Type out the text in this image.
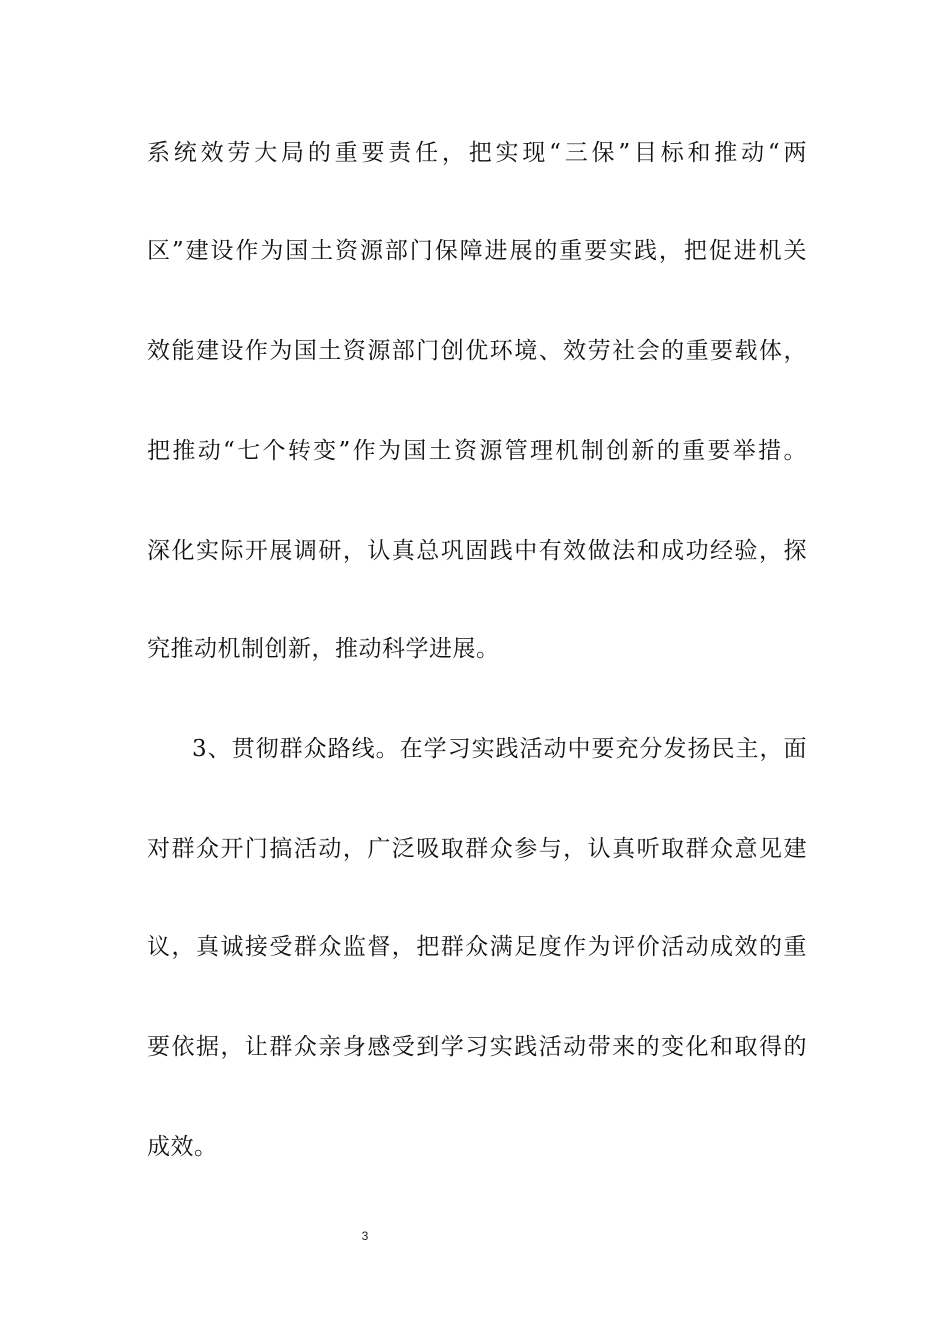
系统效劳大局的重要责任，把实现“三保”目标和推动“两
区”建设作为国土资源部门保障进展的重要实践，把促进机关
效能建设作为国土资源部门创优环境、效劳社会的重要载体，
把推动“七个转变”作为国土资源管理机制创新的重要举措。
深化实际开展调研，认真总巩固践中有效做法和成功经验，探
究推动机制创新，推动科学进展。
3、贯彻群众路线。在学习实践活动中要充分发扬民主，面
对群众开门搞活动，广泛吸取群众参与，认真听取群众意见建
议，真诚接受群众监督，把群众满足度作为评价活动成效的重
要依据，让群众亲身感受到学习实践活动带来的变化和取得的
成效。
3
